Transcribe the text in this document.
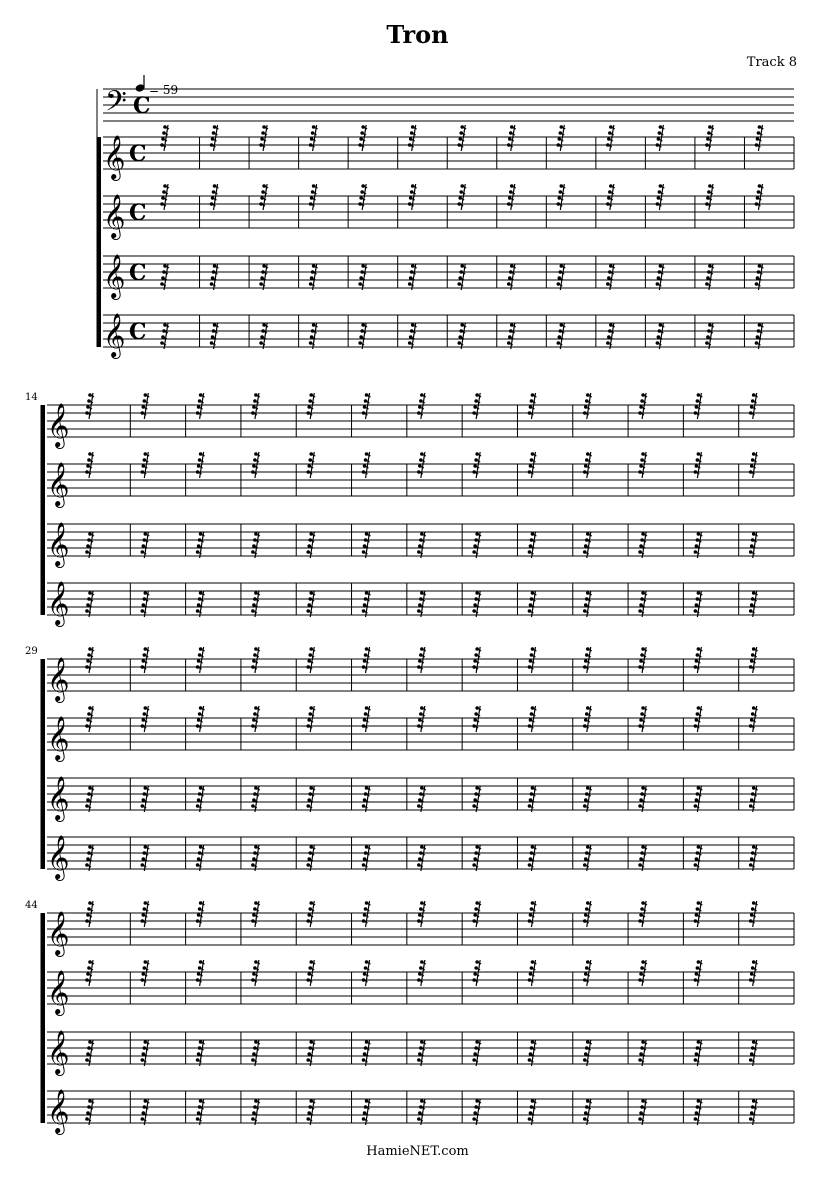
Tron
Track 8
𝄢 C
= 59
𝄞 C
𝄞 C
𝄞 C
𝄞 C
14
𝄞
𝄞
𝄞
𝄞
29
𝄞
𝄞
𝄞
𝄞
44
𝄞
𝄞
𝄞
𝄞
HamieNET.com
